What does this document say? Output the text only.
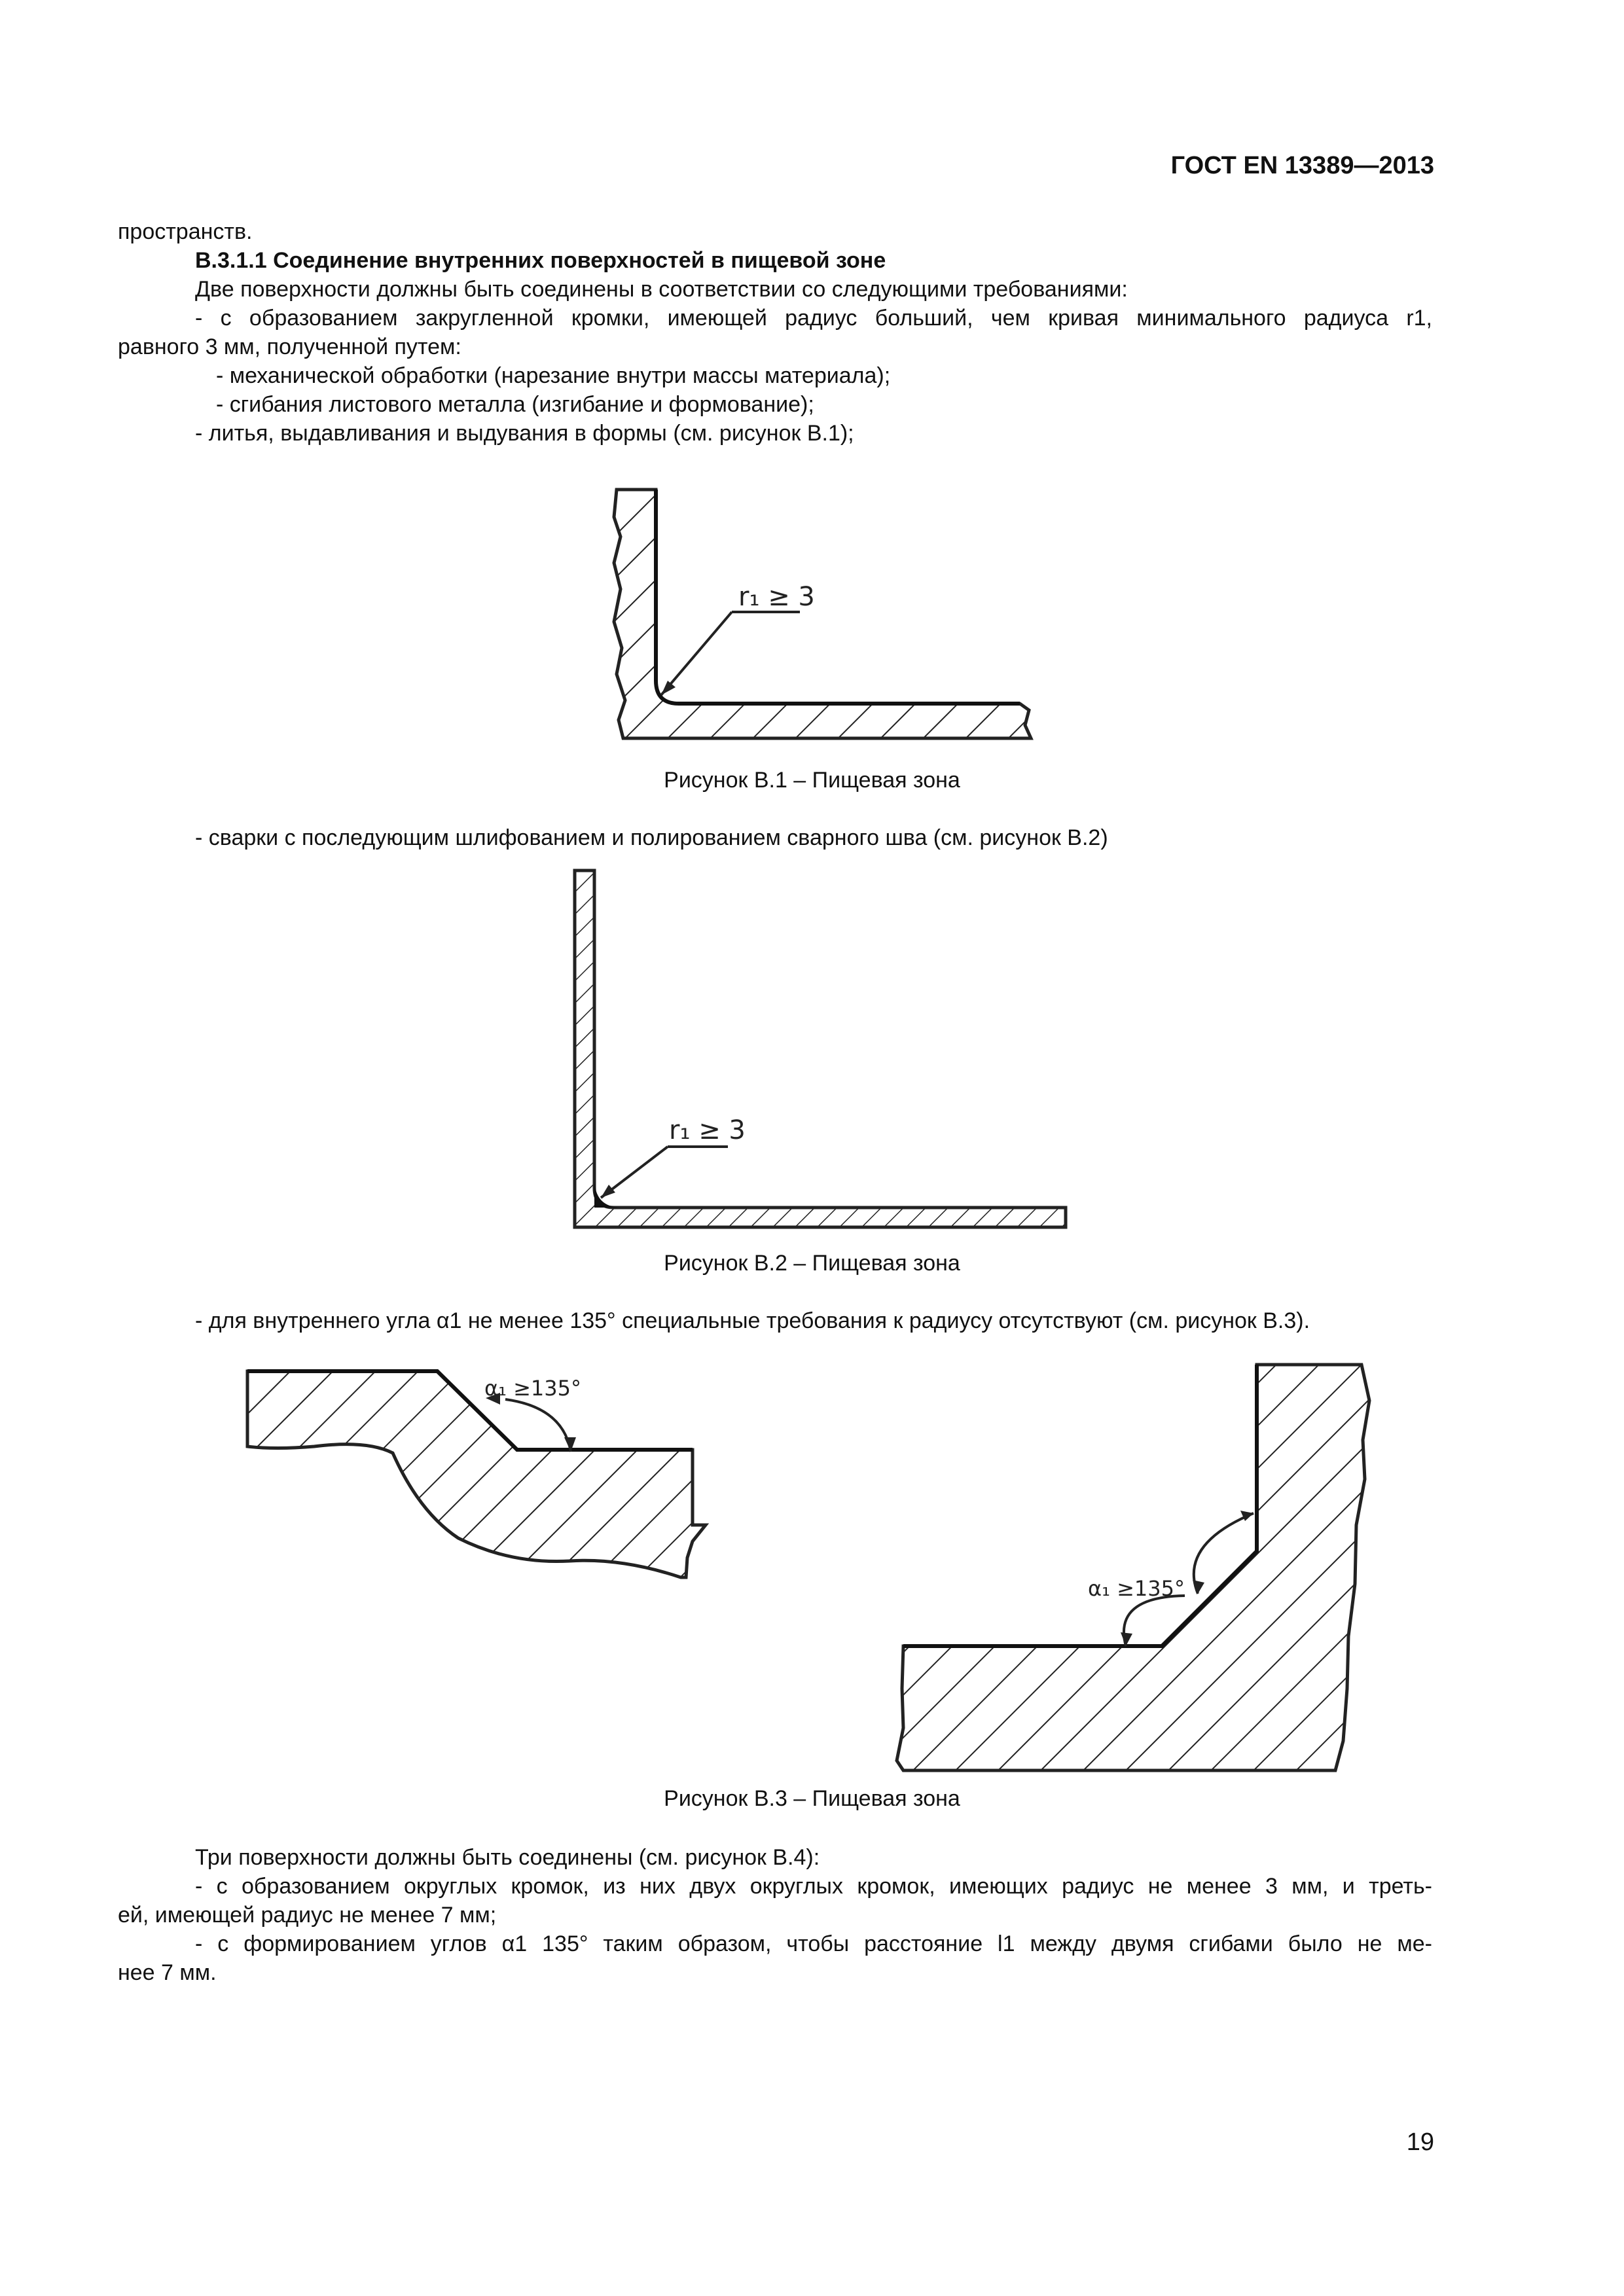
ГОСТ EN 13389—2013
пространств.
В.3.1.1 Соединение внутренних поверхностей в пищевой зоне
Две поверхности должны быть соединены в соответствии со следующими требованиями:
- с образованием закругленной кромки, имеющей радиус больший, чем кривая минимального радиуса r1,
равного 3 мм, полученной путем:
- механической обработки (нарезание внутри массы материала);
- сгибания листового металла (изгибание и формование);
- литья, выдавливания и выдувания в формы (см. рисунок В.1);
r₁ ≥ 3
r₁ ≥ 3
α₁ ≥135°
α₁ ≥135°
Рисунок В.1 – Пищевая зона
- сварки с последующим шлифованием и полированием сварного шва (см. рисунок В.2)
Рисунок В.2 – Пищевая зона
- для внутреннего угла α1 не менее 135° специальные требования к радиусу отсутствуют (см. рисунок В.3).
Рисунок В.3 – Пищевая зона
Три поверхности должны быть соединены (см. рисунок В.4):
- с образованием округлых кромок, из них двух округлых кромок, имеющих радиус не менее 3 мм, и треть-
ей, имеющей радиус не менее 7 мм;
- с формированием углов α1 135° таким образом, чтобы расстояние l1 между двумя сгибами было не ме-
нее 7 мм.
19
